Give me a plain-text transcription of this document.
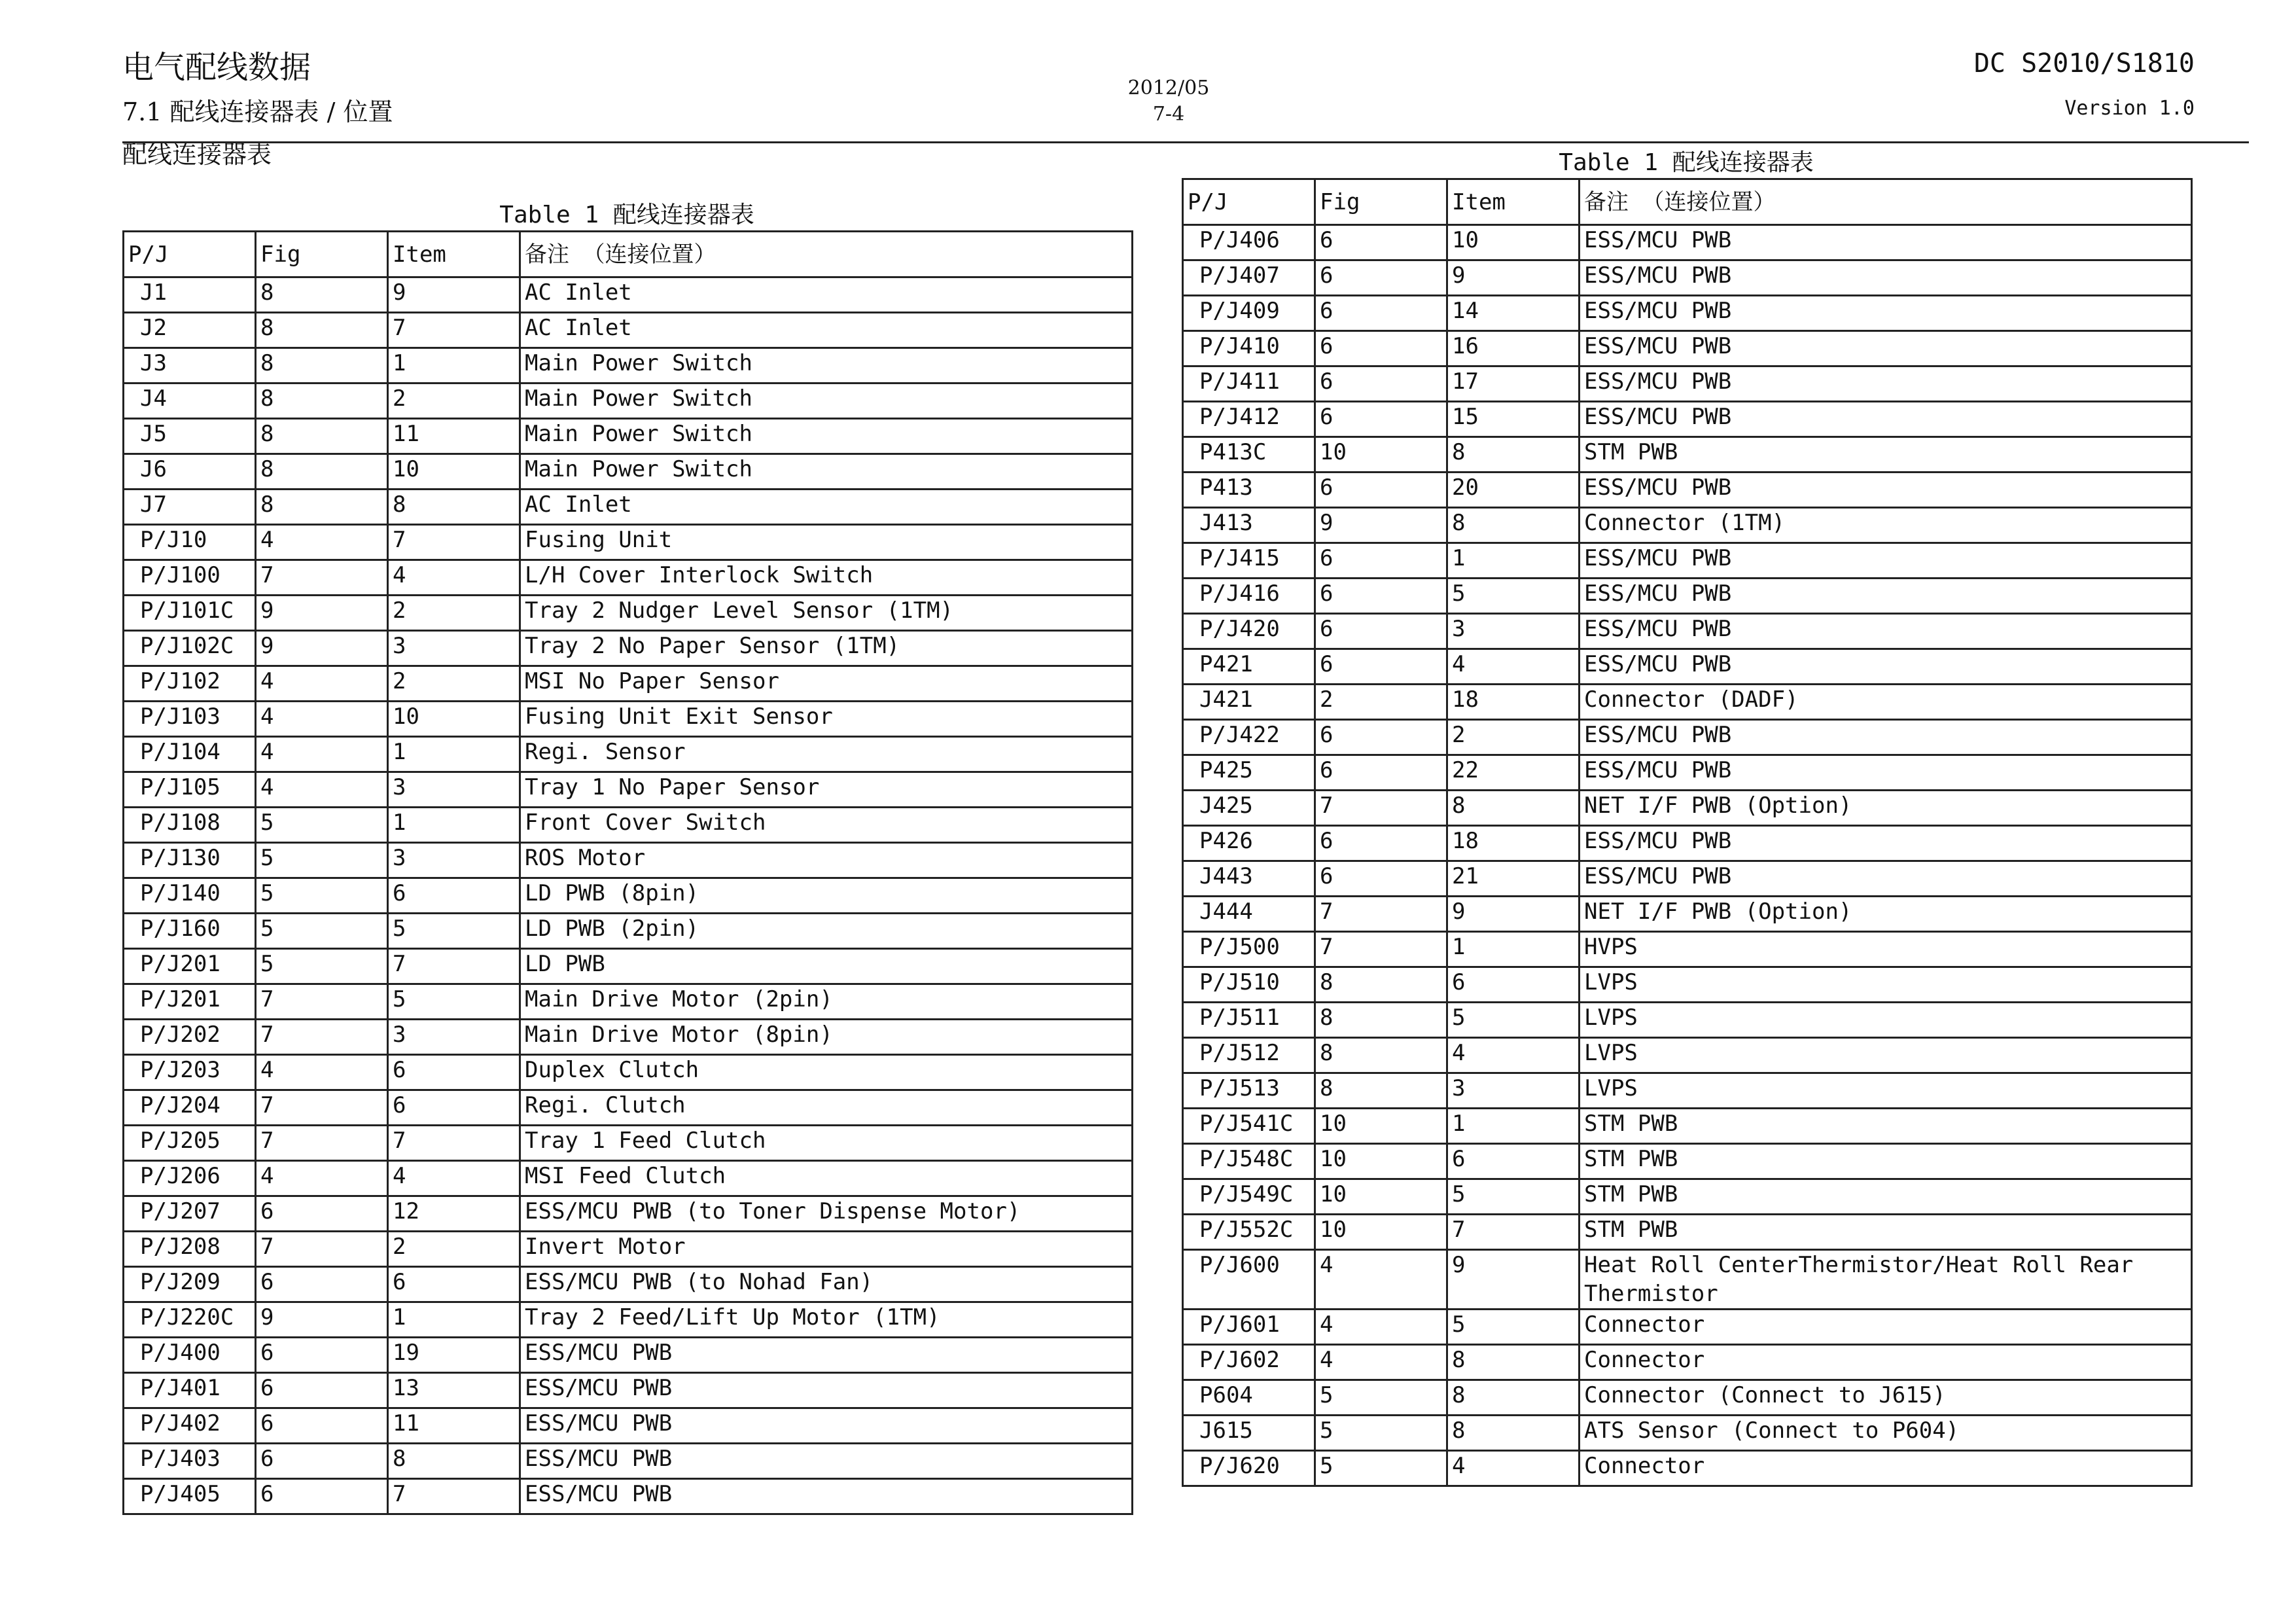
电气配线数据
7.1 配线连接器表 / 位置
配线连接器表
2012/05
7-4
DC S2010/S1810
Version 1.0
Table 1 配线连接器表
P/J	Fig	Item	备注 （连接位置）
J1	8	9	AC Inlet
J2	8	7	AC Inlet
J3	8	1	Main Power Switch
J4	8	2	Main Power Switch
J5	8	11	Main Power Switch
J6	8	10	Main Power Switch
J7	8	8	AC Inlet
P/J10	4	7	Fusing Unit
P/J100	7	4	L/H Cover Interlock Switch
P/J101C	9	2	Tray 2 Nudger Level Sensor (1TM)
P/J102C	9	3	Tray 2 No Paper Sensor (1TM)
P/J102	4	2	MSI No Paper Sensor
P/J103	4	10	Fusing Unit Exit Sensor
P/J104	4	1	Regi. Sensor
P/J105	4	3	Tray 1 No Paper Sensor
P/J108	5	1	Front Cover Switch
P/J130	5	3	ROS Motor
P/J140	5	6	LD PWB (8pin)
P/J160	5	5	LD PWB (2pin)
P/J201	5	7	LD PWB
P/J201	7	5	Main Drive Motor (2pin)
P/J202	7	3	Main Drive Motor (8pin)
P/J203	4	6	Duplex Clutch
P/J204	7	6	Regi. Clutch
P/J205	7	7	Tray 1 Feed Clutch
P/J206	4	4	MSI Feed Clutch
P/J207	6	12	ESS/MCU PWB (to Toner Dispense Motor)
P/J208	7	2	Invert Motor
P/J209	6	6	ESS/MCU PWB (to Nohad Fan)
P/J220C	9	1	Tray 2 Feed/Lift Up Motor (1TM)
P/J400	6	19	ESS/MCU PWB
P/J401	6	13	ESS/MCU PWB
P/J402	6	11	ESS/MCU PWB
P/J403	6	8	ESS/MCU PWB
P/J405	6	7	ESS/MCU PWB
Table 1 配线连接器表
P/J	Fig	Item	备注 （连接位置）
P/J406	6	10	ESS/MCU PWB
P/J407	6	9	ESS/MCU PWB
P/J409	6	14	ESS/MCU PWB
P/J410	6	16	ESS/MCU PWB
P/J411	6	17	ESS/MCU PWB
P/J412	6	15	ESS/MCU PWB
P413C	10	8	STM PWB
P413	6	20	ESS/MCU PWB
J413	9	8	Connector (1TM)
P/J415	6	1	ESS/MCU PWB
P/J416	6	5	ESS/MCU PWB
P/J420	6	3	ESS/MCU PWB
P421	6	4	ESS/MCU PWB
J421	2	18	Connector (DADF)
P/J422	6	2	ESS/MCU PWB
P425	6	22	ESS/MCU PWB
J425	7	8	NET I/F PWB (Option)
P426	6	18	ESS/MCU PWB
J443	6	21	ESS/MCU PWB
J444	7	9	NET I/F PWB (Option)
P/J500	7	1	HVPS
P/J510	8	6	LVPS
P/J511	8	5	LVPS
P/J512	8	4	LVPS
P/J513	8	3	LVPS
P/J541C	10	1	STM PWB
P/J548C	10	6	STM PWB
P/J549C	10	5	STM PWB
P/J552C	10	7	STM PWB
P/J600	4	9	Heat Roll CenterThermistor/Heat Roll Rear Thermistor
P/J601	4	5	Connector
P/J602	4	8	Connector
P604	5	8	Connector (Connect to J615)
J615	5	8	ATS Sensor (Connect to P604)
P/J620	5	4	Connector
